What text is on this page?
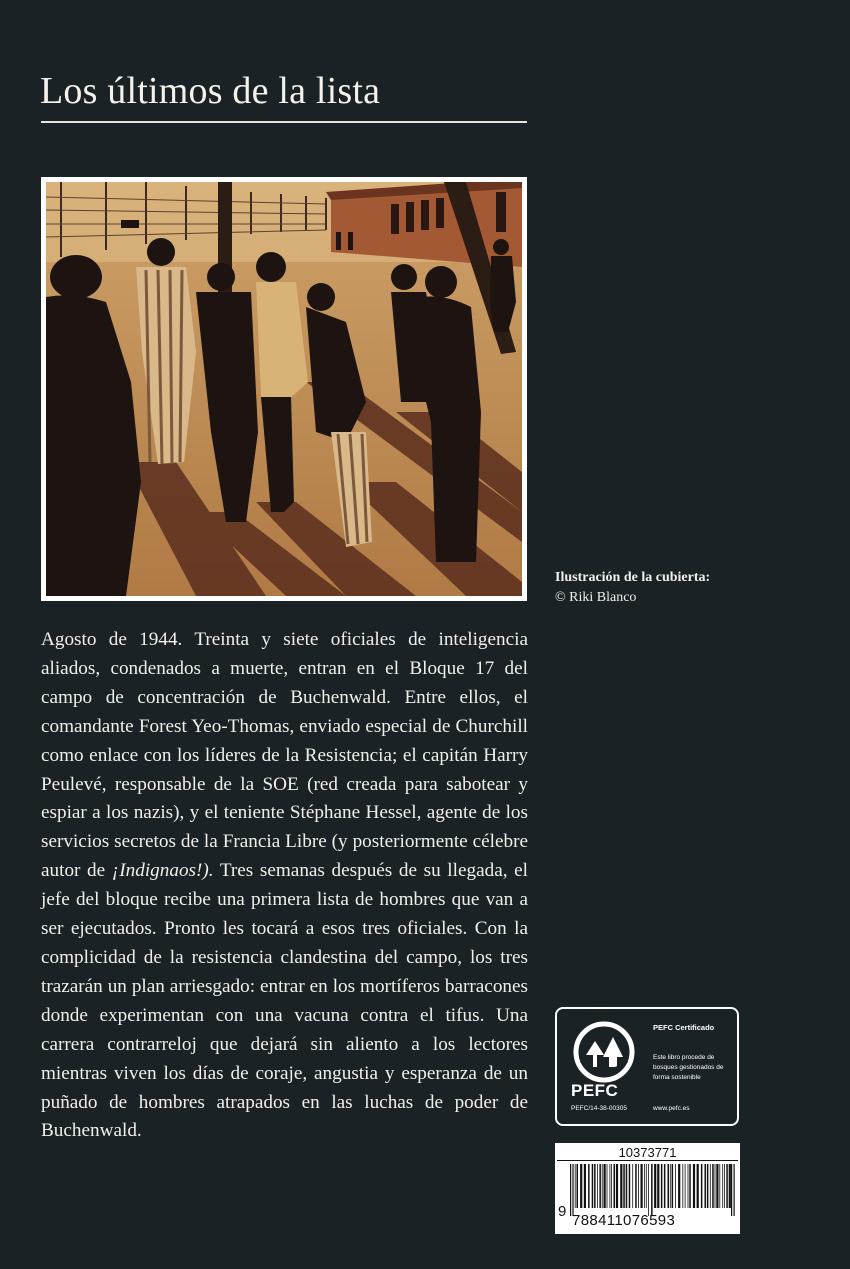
Los últimos de la lista
Ilustración de la cubierta:
© Riki Blanco
Agosto de 1944. Treinta y siete oficiales de inteligencia aliados, condenados a muerte, entran en el Bloque 17 del campo de concentración de Buchenwald. Entre ellos, el comandante Forest Yeo-Thomas, enviado especial de Churchill como enlace con los líderes de la Resistencia; el capitán Harry Peulevé, responsable de la SOE (red creada para sabotear y espiar a los nazis), y el teniente Stéphane Hessel, agente de los servicios secretos de la Francia Libre (y posteriormente célebre autor de ¡Indignaos!). Tres semanas después de su llegada, el jefe del bloque recibe una primera lista de hombres que van a ser ejecutados. Pronto les tocará a esos tres oficiales. Con la complicidad de la resistencia clandestina del campo, los tres trazarán un plan arriesgado: entrar en los mortíferos barracones donde experimentan con una vacuna contra el tifus. Una carrera contrarreloj que dejará sin aliento a los lectores mientras viven los días de coraje, angustia y esperanza de un puñado de hombres atrapados en las luchas de poder de Buchenwald.
PEFC
PEFC Certificado
Este libro procede de bosques gestionados de forma sostenible
PEFC/14-38-00305	www.pefc.es
10373771
9
788411076593
